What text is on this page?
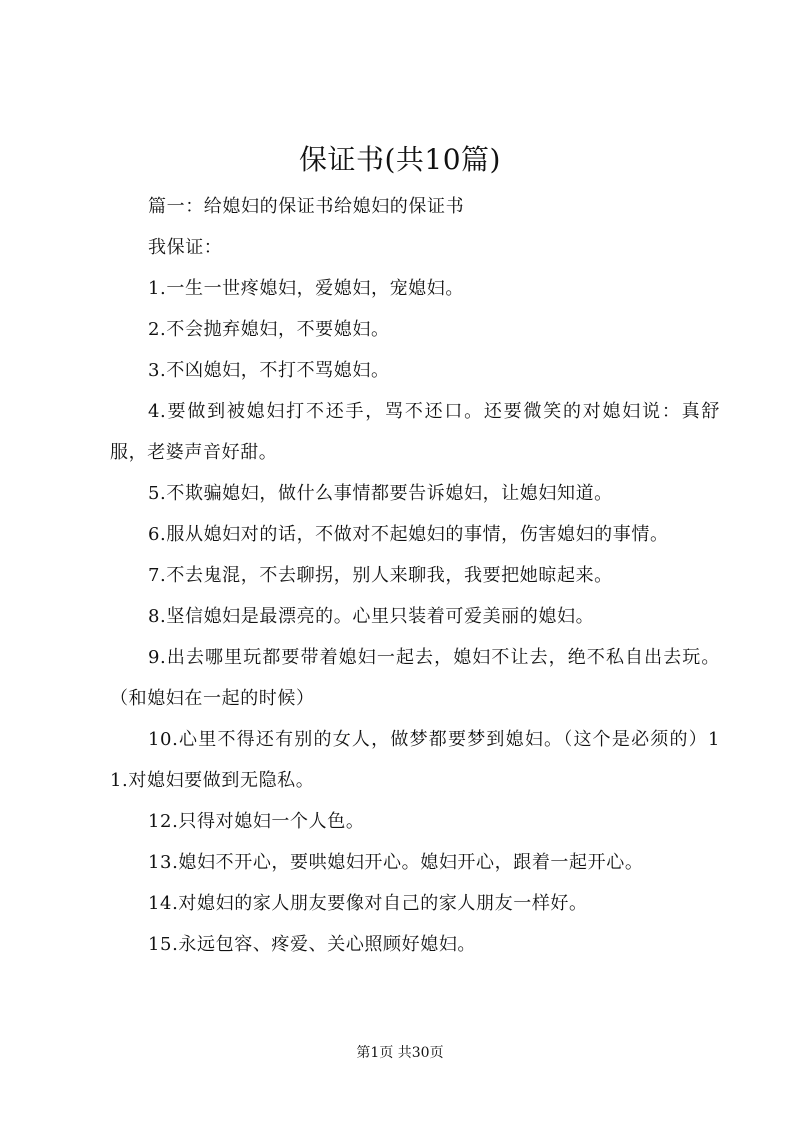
保证书(共10篇)

篇一：给媳妇的保证书给媳妇的保证书

我保证：

1.一生一世疼媳妇，爱媳妇，宠媳妇。

2.不会抛弃媳妇，不要媳妇。

3.不凶媳妇，不打不骂媳妇。

4.要做到被媳妇打不还手，骂不还口。还要微笑的对媳妇说：真舒服，老婆声音好甜。

5.不欺骗媳妇，做什么事情都要告诉媳妇，让媳妇知道。

6.服从媳妇对的话，不做对不起媳妇的事情，伤害媳妇的事情。

7.不去鬼混，不去聊拐，别人来聊我，我要把她晾起来。

8.坚信媳妇是最漂亮的。心里只装着可爱美丽的媳妇。

9.出去哪里玩都要带着媳妇一起去，媳妇不让去，绝不私自出去玩。（和媳妇在一起的时候）

10.心里不得还有别的女人，做梦都要梦到媳妇。（这个是必须的）11.对媳妇要做到无隐私。

12.只得对媳妇一个人色。

13.媳妇不开心，要哄媳妇开心。媳妇开心，跟着一起开心。

14.对媳妇的家人朋友要像对自己的家人朋友一样好。

15.永远包容、疼爱、关心照顾好媳妇。

第1页 共30页
